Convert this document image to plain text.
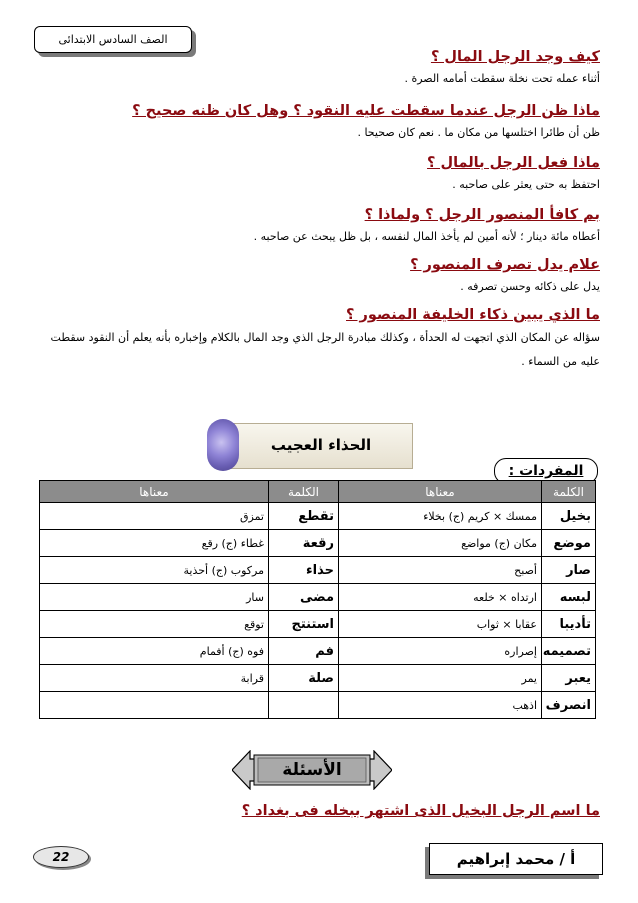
الصف السادس الابتدائى
كيف وجد الرجل المال ؟
أثناء عمله تحت نخلة سقطت أمامه الصرة .
ماذا ظن الرجل عندما سقطت عليه النقود ؟ وهل كان ظنه صحيح ؟
ظن أن طائرا اختلسها من مكان ما . نعم كان صحيحا .
ماذا فعل الرجل بالمال ؟
احتفظ به حتى يعثر على صاحبه .
بم كافأ المنصور الرجل ؟ ولماذا ؟
أعطاه مائة دينار ؛ لأنه أمين لم يأخذ المال لنفسه ، بل ظل يبحث عن صاحبه .
علام يدل تصرف المنصور ؟
يدل على ذكائه وحسن تصرفه .
ما الذي يبين ذكاء الخليفة المنصور ؟
سؤاله عن المكان الذي اتجهت له الحدأة ، وكذلك مبادرة الرجل الذي وجد المال بالكلام وإخباره بأنه يعلم أن النقود سقطت عليه من السماء .
الحذاء العجيب
المفردات :
الكلمة	معناها	الكلمة	معناها
بخيل	ممسك × كريم (ج) بخلاء	تقطع	تمزق
موضع	مكان (ج) مواضع	رقعة	غطاء (ج) رقع
صار	أصبح	حذاء	مركوب (ج) أحذية
لبسه	ارتداه × خلعه	مضى	سار
تأديبا	عقابا × ثواب	استنتج	توقع
تصميمه	إصراره	فم	فوه (ج) أفمام
يعبر	يمر	صلة	قرابة
انصرف	اذهب		
الأسئلة
ما اسم الرجل البخيل الذى اشتهر ببخله فى بغداد ؟
22	أ / محمد إبراهيم
